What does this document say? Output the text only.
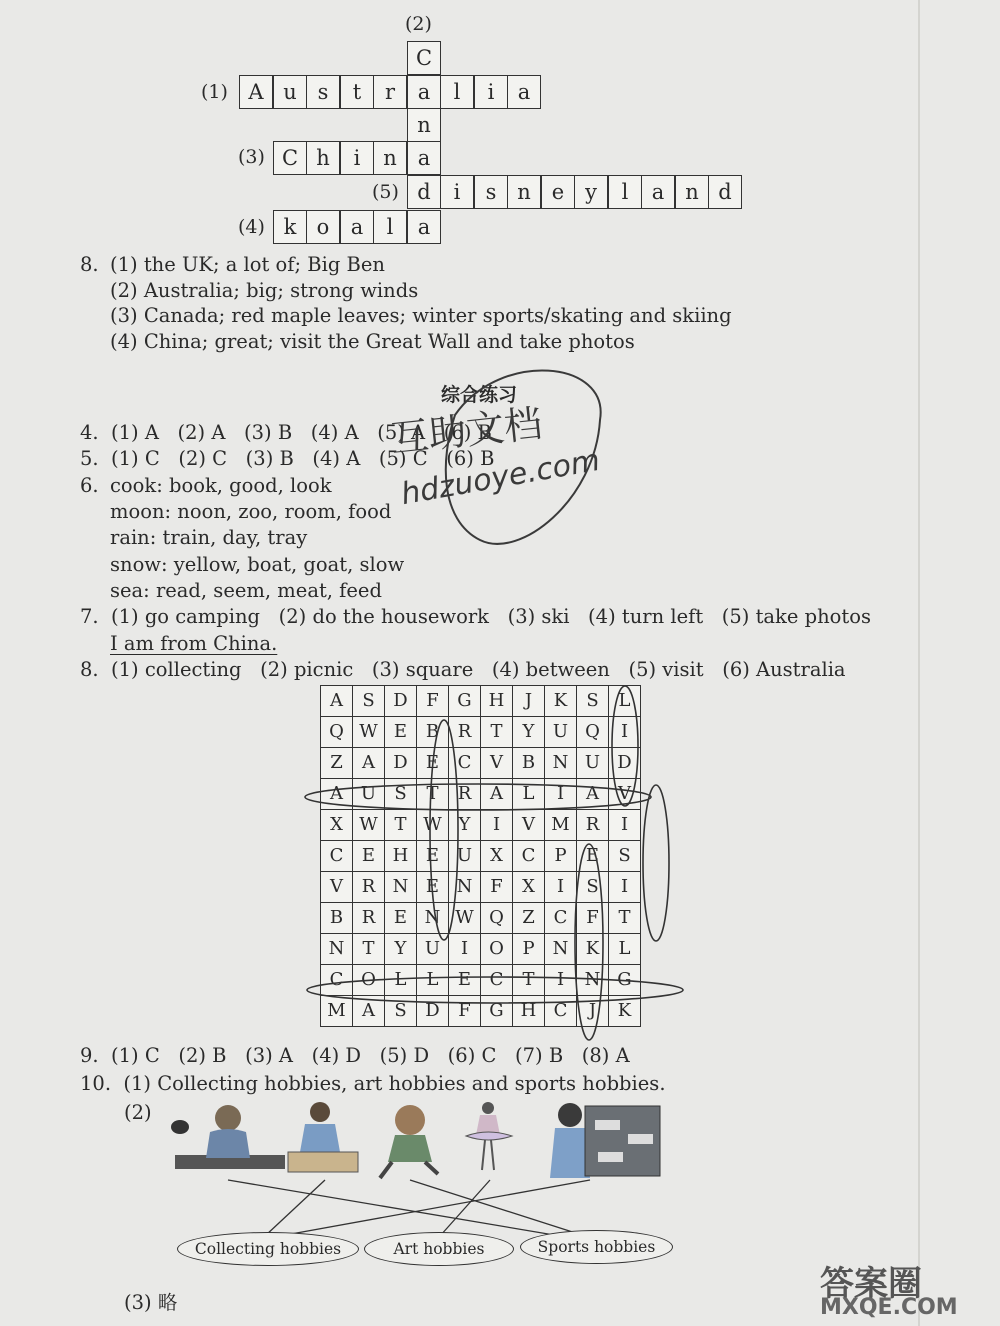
(2)
(1)
(3)
(5)
(4)
C
n
A u s	t	r	a	l	i	a
C h	i	n a
d	i	s n	e y	l	a n d
k o	a	l	a
8. (1) the UK; a lot of; Big Ben
(2) Australia; big; strong winds
(3) Canada; red maple leaves; winter sports/skating and skiing
(4) China; great; visit the Great Wall and take photos
综合练习
4.  (1) A   (2) A   (3) B   (4) A   (5) A   (6) B
5.  (1) C   (2) C   (3) B   (4) A   (5) C   (6) B
6. cook: book, good, look
moon: noon, zoo, room, food
rain: train, day, tray
snow: yellow, boat, goat, slow
sea: read, seem, meat, feed
7.  (1) go camping   (2) do the housework   (3) ski   (4) turn left   (5) take photos
I am from China.
8.  (1) collecting   (2) picnic   (3) square   (4) between   (5) visit   (6) Australia
A	S	D	F	G	H	J	K	S	L
Q	W	E	B	R	T	Y	U	Q	I
Z	A	D	E	C	V	B	N	U	D
A	U	S	T	R	A	L	I	A	V
X	W	T	W	Y	I	V	M	R	I
C	E	H	E	U	X	C	P	E	S
V	R	N	E	N	F	X	I	S	I
B	R	E	N	W	Q	Z	C	F	T
N	T	Y	U	I	O	P	N	K	L
C	O	L	L	E	C	T	I	N	G
M	A	S	D	F	G	H	C	J	K
互助文档
hdzuoye.com
9.  (1) C   (2) B   (3) A   (4) D   (5) D   (6) C   (7) B   (8) A
10.  (1) Collecting hobbies, art hobbies and sports hobbies.
(2)
Collecting hobbies	Art hobbies	Sports hobbies
(3) 略	答案圈
MXQE.COM
